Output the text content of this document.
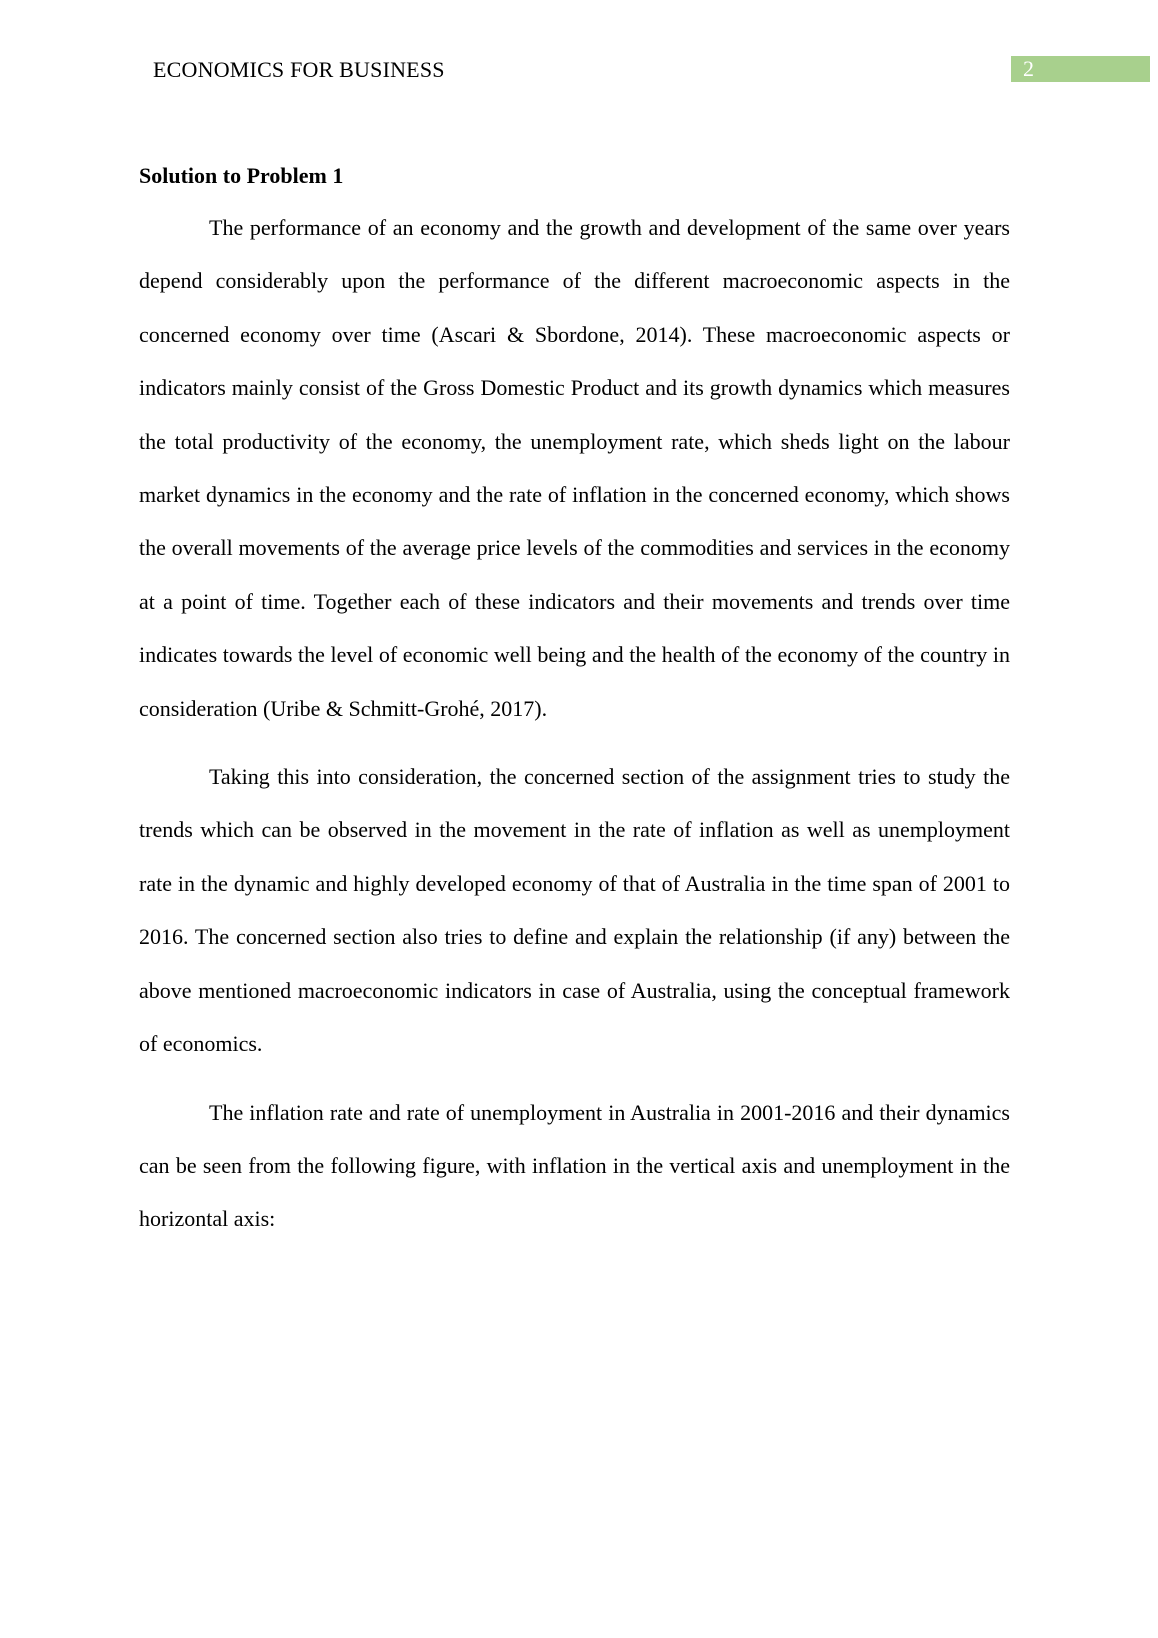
ECONOMICS FOR BUSINESS	2
Solution to Problem 1

The performance of an economy and the growth and development of the same over years depend considerably upon the performance of the different macroeconomic aspects in the concerned economy over time (Ascari & Sbordone, 2014). These macroeconomic aspects or indicators mainly consist of the Gross Domestic Product and its growth dynamics which measures the total productivity of the economy, the unemployment rate, which sheds light on the labour market dynamics in the economy and the rate of inflation in the concerned economy, which shows the overall movements of the average price levels of the commodities and services in the economy at a point of time. Together each of these indicators and their movements and trends over time indicates towards the level of economic well being and the health of the economy of the country in consideration (Uribe & Schmitt-Grohé, 2017).

Taking this into consideration, the concerned section of the assignment tries to study the trends which can be observed in the movement in the rate of inflation as well as unemployment rate in the dynamic and highly developed economy of that of Australia in the time span of 2001 to 2016. The concerned section also tries to define and explain the relationship (if any) between the above mentioned macroeconomic indicators in case of Australia, using the conceptual framework of economics.

The inflation rate and rate of unemployment in Australia in 2001-2016 and their dynamics can be seen from the following figure, with inflation in the vertical axis and unemployment in the horizontal axis:
